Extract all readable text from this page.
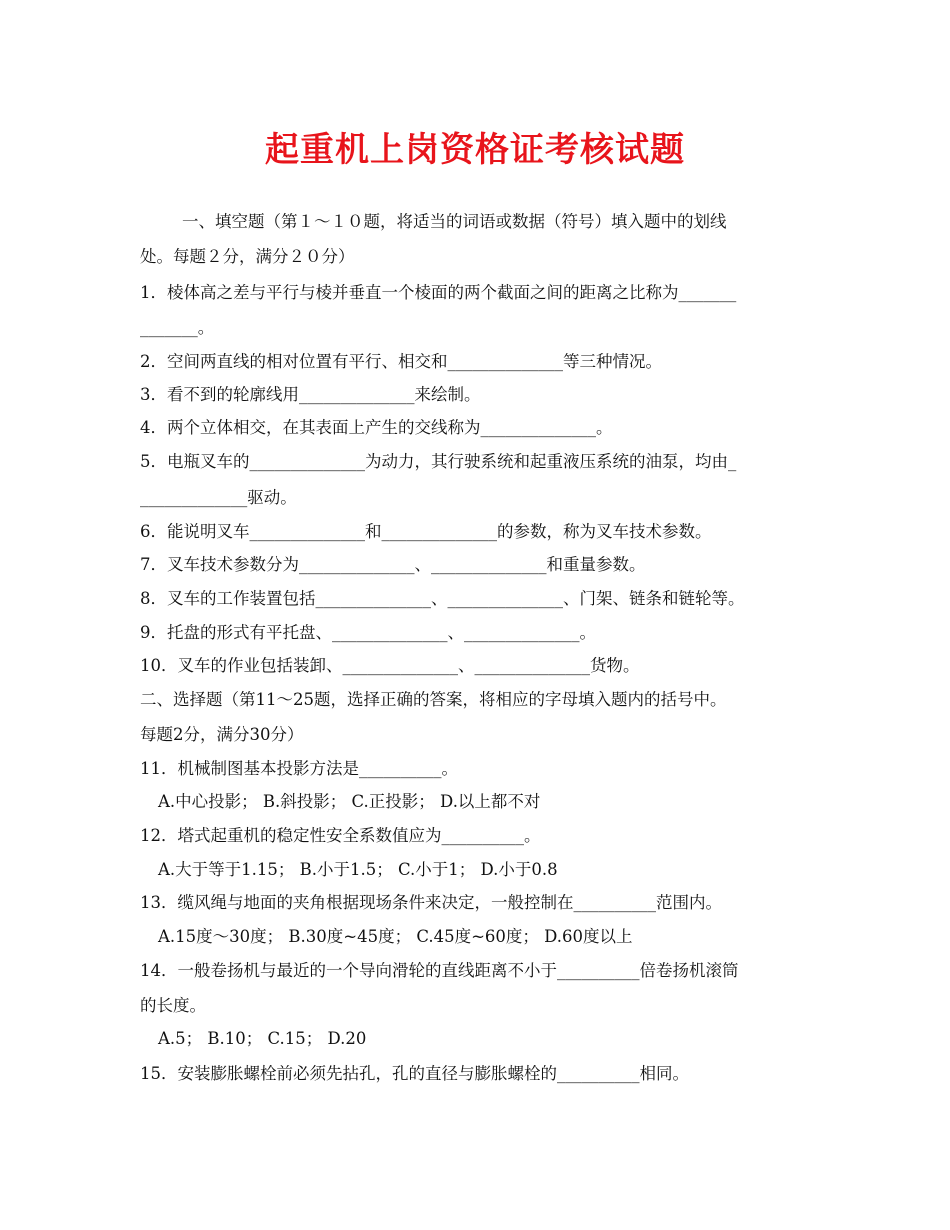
起重机上岗资格证考核试题
一、填空题（第１～１０题，将适当的词语或数据（符号）填入题中的划线
处。每题２分，满分２０分）
1．棱体高之差与平行与棱并垂直一个棱面的两个截面之间的距离之比称为_______
_______。
2．空间两直线的相对位置有平行、相交和______________等三种情况。
3．看不到的轮廓线用______________来绘制。
4．两个立体相交，在其表面上产生的交线称为______________。
5．电瓶叉车的______________为动力，其行驶系统和起重液压系统的油泵，均由_
_____________驱动。
6．能说明叉车______________和______________的参数，称为叉车技术参数。
7．叉车技术参数分为______________、______________和重量参数。
8．叉车的工作装置包括______________、______________、门架、链条和链轮等。
9．托盘的形式有平托盘、______________、______________。
10．叉车的作业包括装卸、______________、______________货物。
二、选择题（第11～25题，选择正确的答案，将相应的字母填入题内的括号中。
每题2分，满分30分）
11．机械制图基本投影方法是__________。
A.中心投影； B.斜投影； C.正投影； D.以上都不对
12．塔式起重机的稳定性安全系数值应为__________。
A.大于等于1.15； B.小于1.5； C.小于1； D.小于0.8
13．缆风绳与地面的夹角根据现场条件来决定，一般控制在__________范围内。
A.15度～30度； B.30度~45度； C.45度~60度； D.60度以上
14．一般卷扬机与最近的一个导向滑轮的直线距离不小于__________倍卷扬机滚筒
的长度。
A.5； B.10； C.15； D.20
15．安装膨胀螺栓前必须先拈孔，孔的直径与膨胀螺栓的__________相同。
